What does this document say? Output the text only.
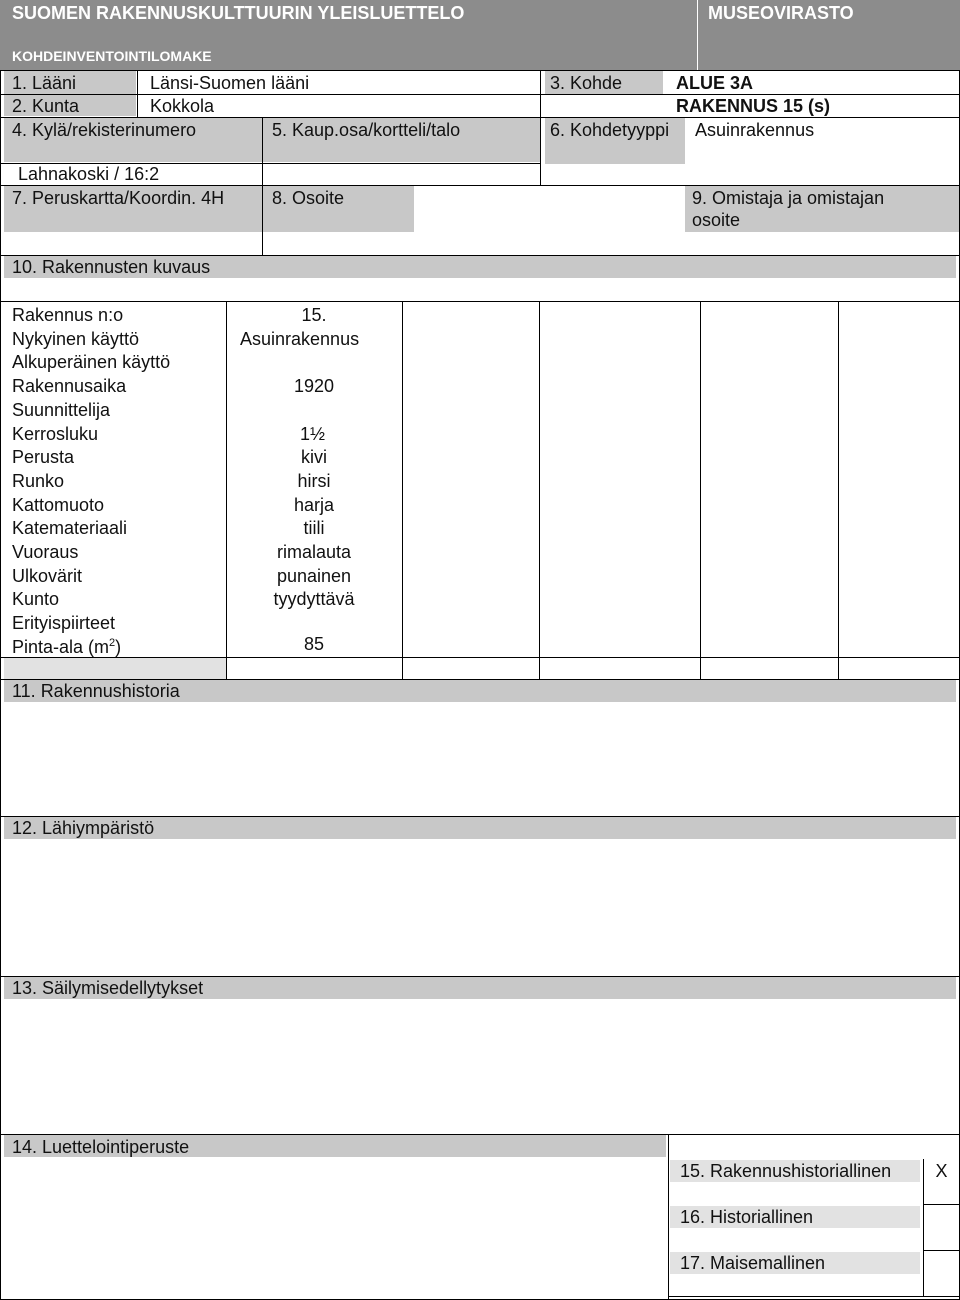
SUOMEN RAKENNUSKULTTUURIN YLEISLUETTELO	MUSEOVIRASTO
KOHDEINVENTOINTILOMAKE
1. Lääni	Länsi-Suomen lääni	3. Kohde	ALUE 3A
2. Kunta	Kokkola	RAKENNUS 15 (s)
4. Kylä/rekisterinumero	5. Kaup.osa/kortteli/talo	6. Kohdetyyppi Asuinrakennus
Lahnakoski / 16:2
7. Peruskartta/Koordin. 4H	8. Osoite	9. Omistaja ja omistajan osoite
10. Rakennusten kuvaus
Rakennus n:o	15.
Nykyinen käyttö	Asuinrakennus
Alkuperäinen käyttö
Rakennusaika	1920
Suunnittelija
Kerrosluku	1½
Perusta	kivi
Runko	hirsi
Kattomuoto	harja
Katemateriaali	tiili
Vuoraus	rimalauta
Ulkovärit	punainen
Kunto	tyydyttävä
Erityispiirteet
Pinta-ala $(m^2)$	85
11. Rakennushistoria
12. Lähiympäristö
13. Säilymisedellytykset
14. Luettelointiperuste
15. Rakennushistoriallinen	X
16. Historiallinen
17. Maisemallinen
